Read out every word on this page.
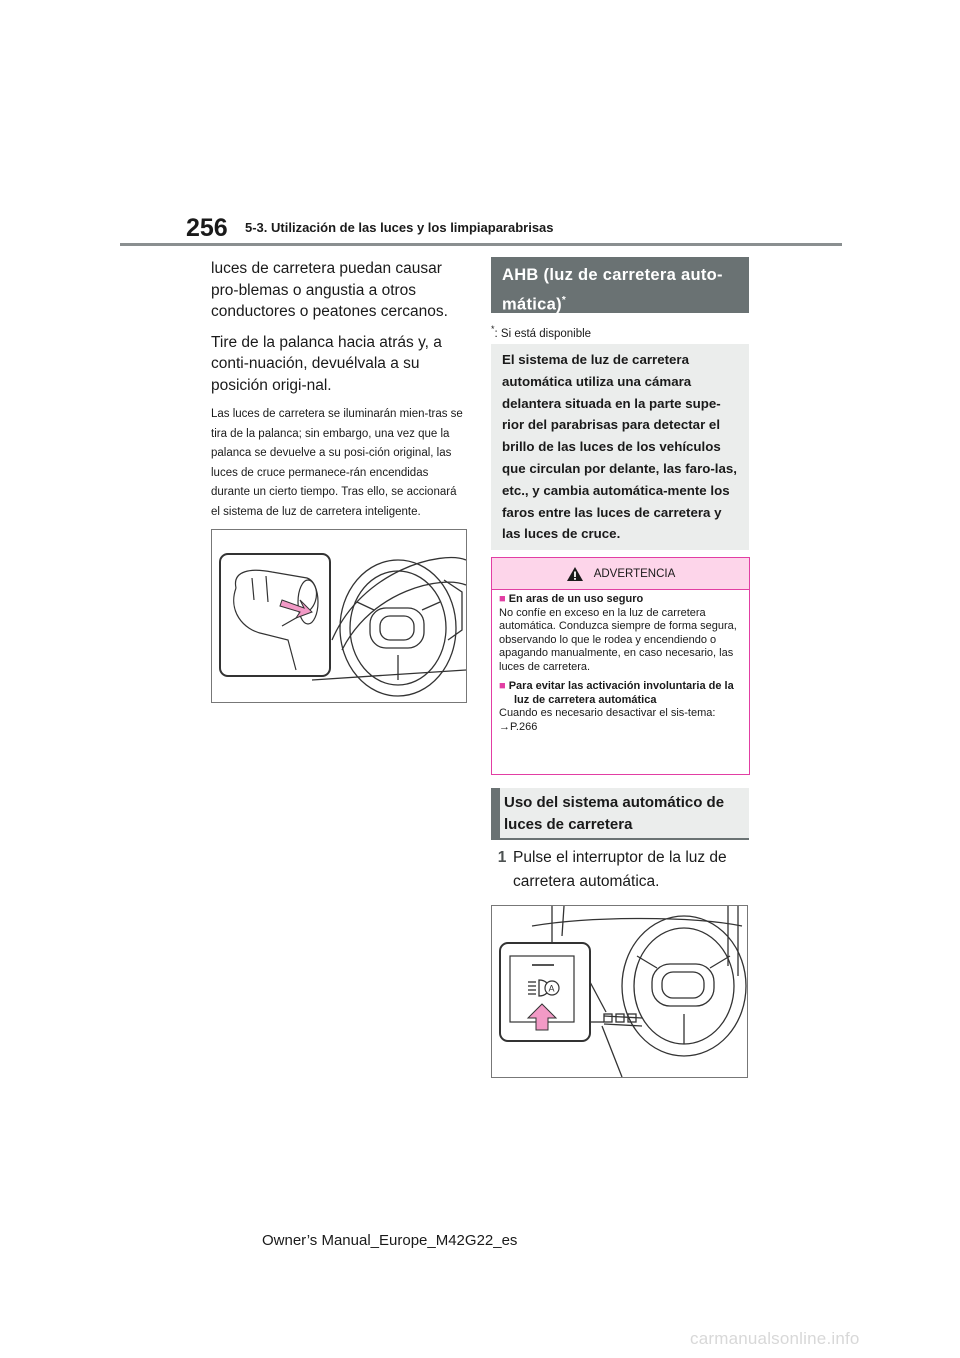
256 5-3. Utilización de las luces y los limpiaparabrisas

luces de carretera puedan causar pro-blemas o angustia a otros conductores o peatones cercanos.

Tire de la palanca hacia atrás y, a conti-nuación, devuélvala a su posición origi-nal.

Las luces de carretera se iluminarán mien-tras se tira de la palanca; sin embargo, una vez que la palanca se devuelve a su posi-ción original, las luces de cruce permanece-rán encendidas durante un cierto tiempo. Tras ello, se accionará el sistema de luz de carretera inteligente.

AHB (luz de carretera auto-mática)*
*: Si está disponible
El sistema de luz de carretera automática utiliza una cámara delantera situada en la parte supe-rior del parabrisas para detectar el brillo de las luces de los vehículos que circulan por delante, las faro-las, etc., y cambia automática-mente los faros entre las luces de carretera y las luces de cruce.
ADVERTENCIA

■ En aras de un uso seguro

No confíe en exceso en la luz de carretera automática. Conduzca siempre de forma segura, observando lo que le rodea y encendiendo o apagando manualmente, en caso necesario, las luces de carretera.

■ Para evitar las activación involuntaria de la luz de carretera automática

Cuando es necesario desactivar el sis-tema: →P.266

Uso del sistema automático de luces de carretera
1 Pulse el interruptor de la luz de carretera automática.
A
Owner’s Manual_Europe_M42G22_es
carmanualsonline.info
